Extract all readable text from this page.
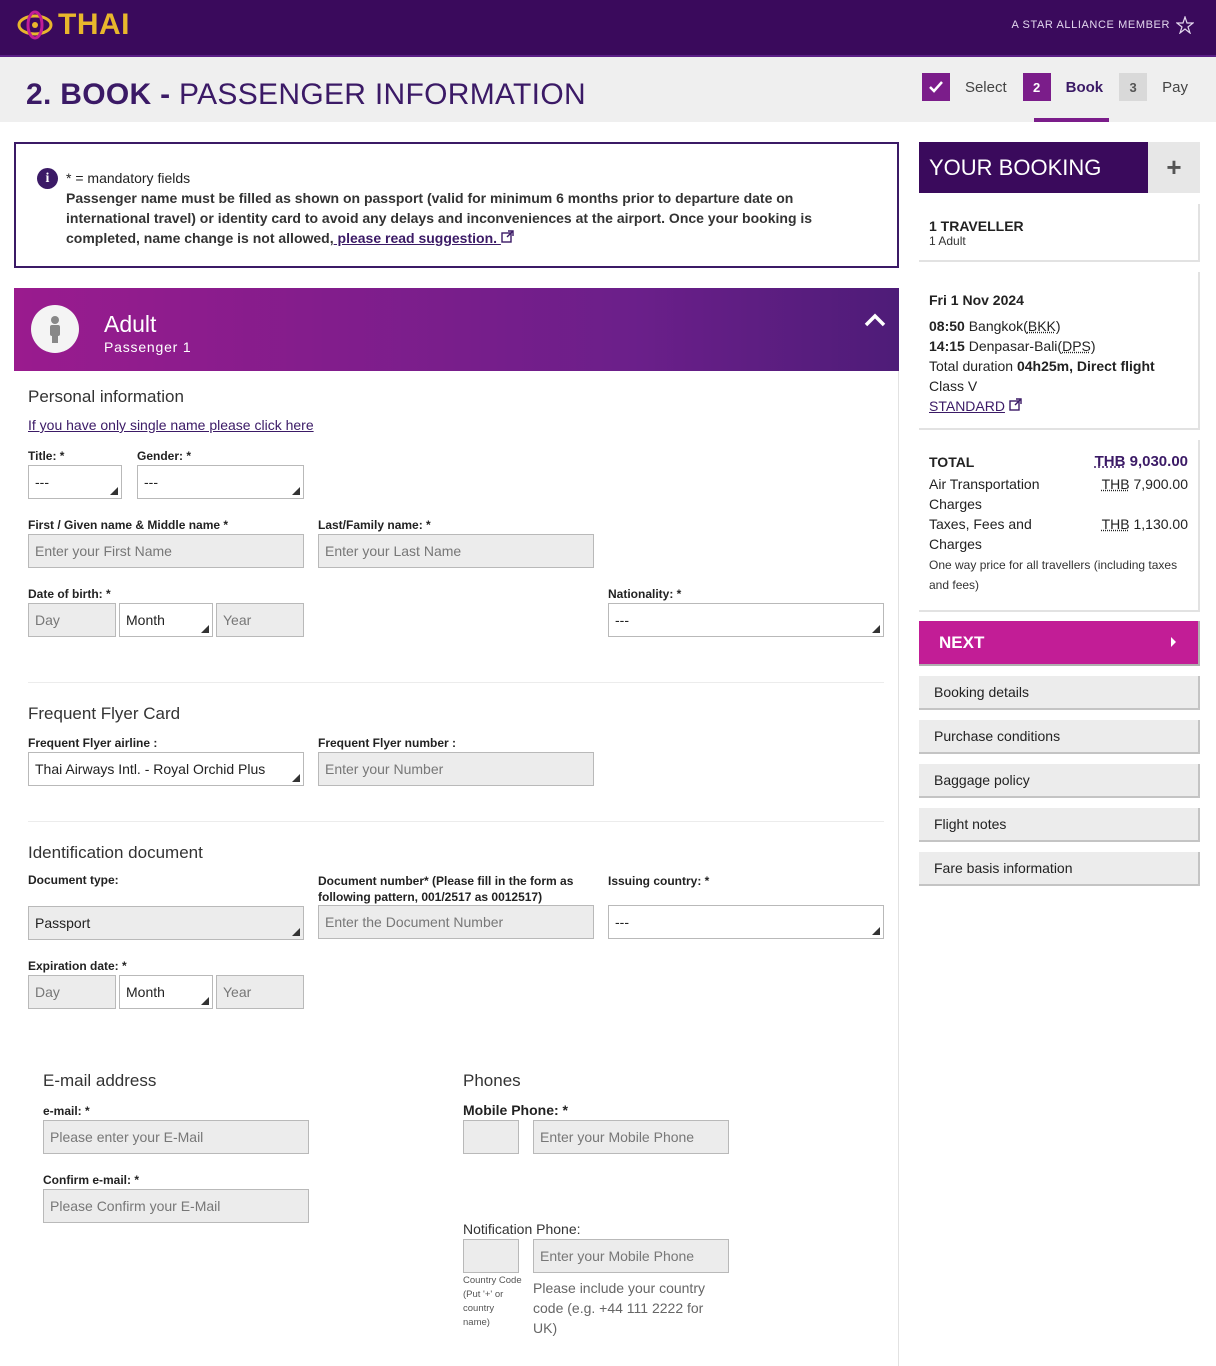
THAI	A STAR ALLIANCE MEMBER
2. BOOK - PASSENGER INFORMATION	Select	2	Book	3	Pay
i	* = mandatory fields
Passenger name must be filled as shown on passport (valid for minimum 6 months prior to departure date on international travel) or identity card to avoid any delays and inconveniences at the airport. Once your booking is completed, name change is not allowed, please read suggestion.
Adult
Passenger 1
Personal information
If you have only single name please click here
Title: *
---
Gender: *
---
First / Given name & Middle name *
Enter your First Name
Last/Family name: *
Enter your Last Name
Date of birth: *
Day	Month	Year
Nationality: *
---
Frequent Flyer Card
Frequent Flyer airline :
Thai Airways Intl. - Royal Orchid Plus
Frequent Flyer number :
Enter your Number
Identification document
Document type:
Passport
Document number* (Please fill in the form as following pattern, 001/2517 as 0012517)
Enter the Document Number
Issuing country: *
---
Expiration date: *
Day	Month	Year
E-mail address
e-mail: *
Please enter your E-Mail
Confirm e-mail: *
Please Confirm your E-Mail
Phones
Mobile Phone: *
Enter your Mobile Phone
Notification Phone:
Enter your Mobile Phone
Country Code (Put '+' or country name)
Please include your country code (e.g. +44 111 2222 for UK)
YOUR BOOKING	+
1 TRAVELLER
1 Adult
Fri 1 Nov 2024
08:50 Bangkok(BKK)
14:15 Denpasar-Bali(DPS)
Total duration 04h25m, Direct flight
Class V
STANDARD
TOTAL	THB 9,030.00
Air Transportation Charges
THB 7,900.00
Taxes, Fees and Charges
THB 1,130.00
One way price for all travellers (including taxes and fees)
NEXT
Booking details
Purchase conditions
Baggage policy
Flight notes
Fare basis information
